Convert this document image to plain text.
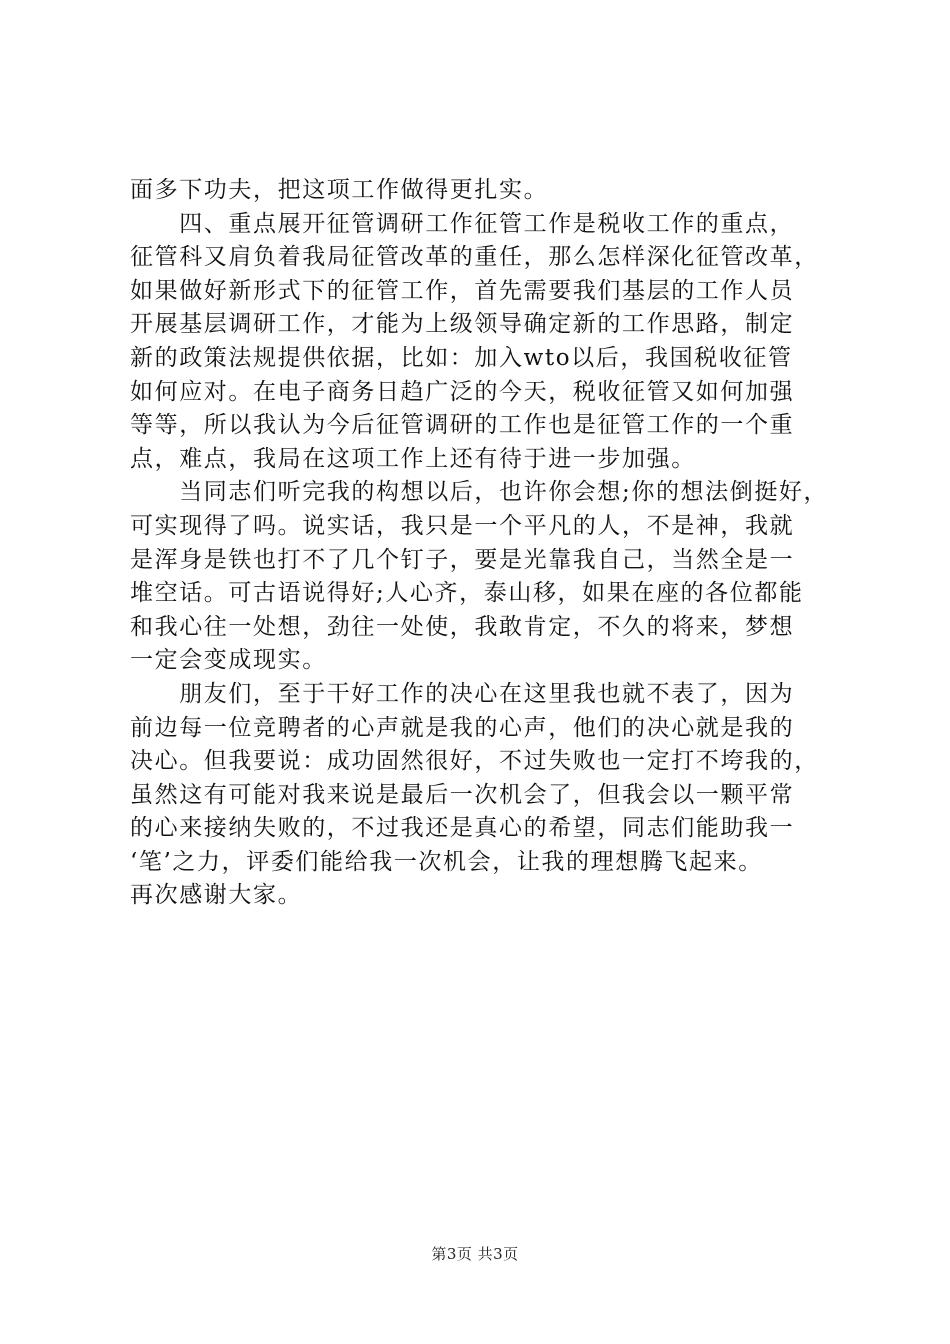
面多下功夫，把这项工作做得更扎实。
　　四、重点展开征管调研工作征管工作是税收工作的重点，
征管科又肩负着我局征管改革的重任，那么怎样深化征管改革，
如果做好新形式下的征管工作，首先需要我们基层的工作人员
开展基层调研工作，才能为上级领导确定新的工作思路，制定
新的政策法规提供依据，比如：加入wto以后，我国税收征管
如何应对。在电子商务日趋广泛的今天，税收征管又如何加强
等等，所以我认为今后征管调研的工作也是征管工作的一个重
点，难点，我局在这项工作上还有待于进一步加强。
　　当同志们听完我的构想以后，也许你会想;你的想法倒挺好，
可实现得了吗。说实话，我只是一个平凡的人，不是神，我就
是浑身是铁也打不了几个钉子，要是光靠我自己，当然全是一
堆空话。可古语说得好;人心齐，泰山移，如果在座的各位都能
和我心往一处想，劲往一处使，我敢肯定，不久的将来，梦想
一定会变成现实。
　　朋友们，至于干好工作的决心在这里我也就不表了，因为
前边每一位竞聘者的心声就是我的心声，他们的决心就是我的
决心。但我要说：成功固然很好，不过失败也一定打不垮我的，
虽然这有可能对我来说是最后一次机会了，但我会以一颗平常
的心来接纳失败的，不过我还是真心的希望，同志们能助我一
‘笔’之力，评委们能给我一次机会，让我的理想腾飞起来。
再次感谢大家。
第3页 共3页
